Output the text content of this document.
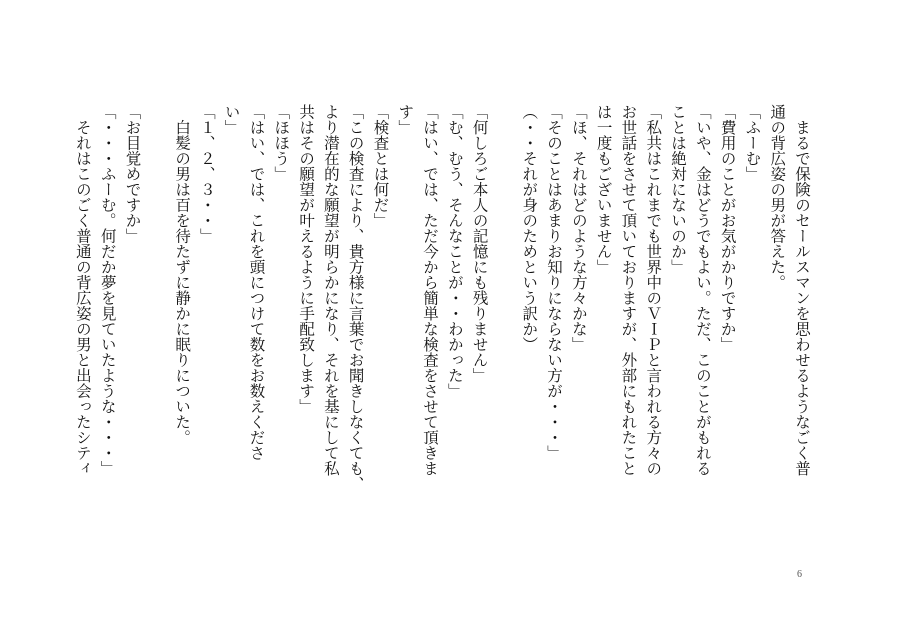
　まるで保険のセールスマンを思わせるようなごく普
通の背広姿の男が答えた。
「ふーむ」
「費用のことがお気がかりですか」
「いや、金はどうでもよい。ただ、このことがもれる
ことは絶対にないのか」
「私共はこれまでも世界中のＶＩＰと言われる方々の
お世話をさせて頂いておりますが、外部にもれたこと
は一度もございません」
「ほ、それはどのような方々かな」
「そのことはあまりお知りにならない方が・・・」
（・・それが身のためという訳か）

「何しろご本人の記憶にも残りません」
「む、むう、そんなことが・・わかった」
「はい、では、ただ今から簡単な検査をさせて頂きま
す」
「検査とは何だ」
「この検査により、貴方様に言葉でお聞きしなくても、
より潜在的な願望が明らかになり、それを基にして私
共はその願望が叶えるように手配致します」
「ほほう」
「はい、では、これを頭につけて数をお数えくださ
い」
「１、２、３・・」
　白髪の男は百を待たずに静かに眠りについた。

「お目覚めですか」
「・・・ふーむ。何だか夢を見ていたような・・・」
　それはこのごく普通の背広姿の男と出会ったシティ
6
